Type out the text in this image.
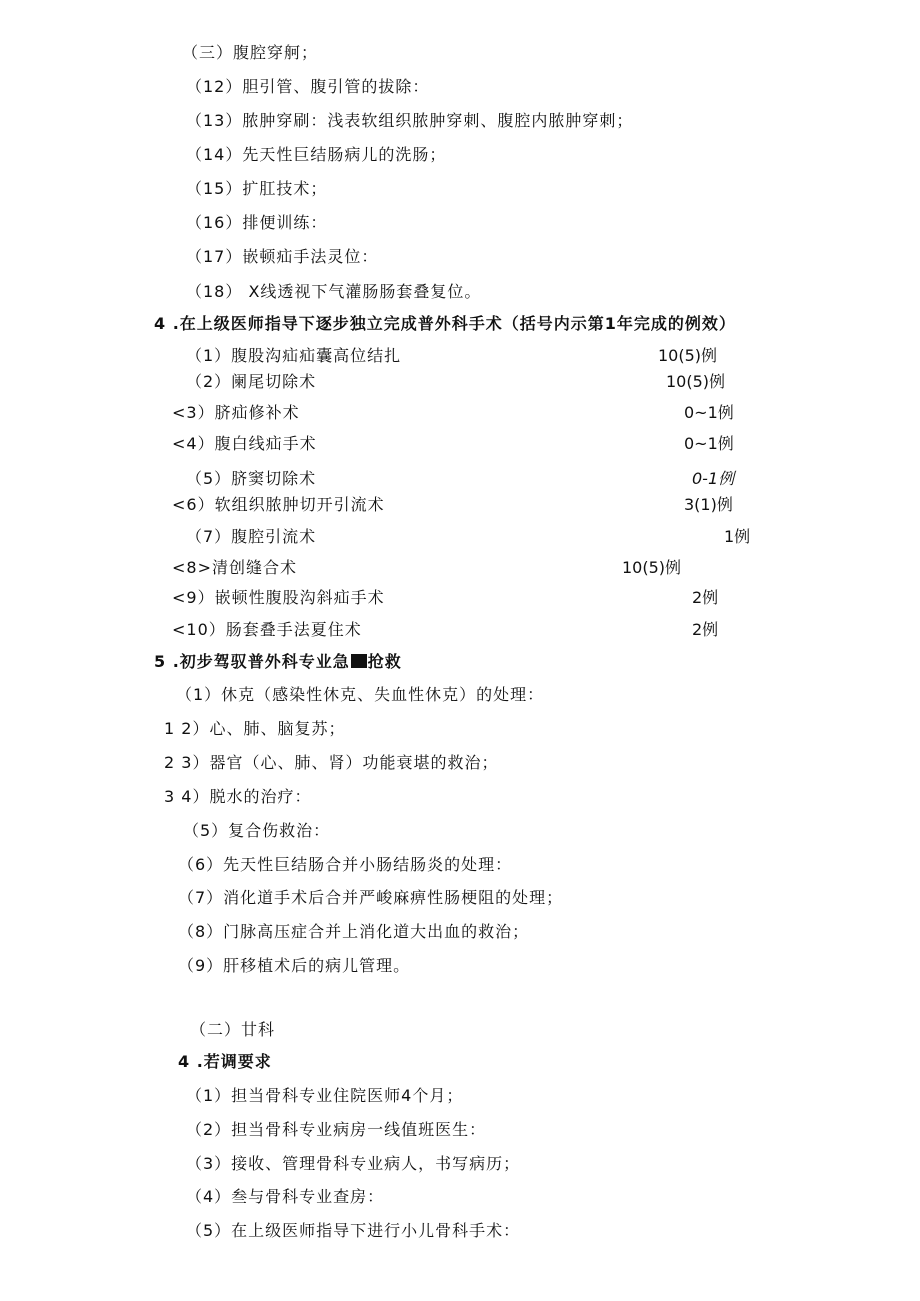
（三）腹腔穿舸；
（12）胆引管、腹引管的拔除：
（13）脓肿穿刷：浅表软组织脓肿穿刺、腹腔内脓肿穿刺；
（14）先天性巨结肠病儿的洗肠；
（15）扩肛技术；
（16）排便训练：
（17）嵌顿疝手法灵位：
（18） X线透视下气灌肠肠套叠复位。
4 .在上级医师指导下逐步独立完成普外科手术（括号内示第1年完成的例效）
（1）腹股沟疝疝囊高位结扎	10(5)例
（2）阑尾切除术	10(5)例
<3）脐疝修补术	0~1例
<4）腹白线疝手术	0~1例
（5）脐窦切除术	0-1例
<6）软组织脓肿切开引流术	3(1)例
（7）腹腔引流术	1例
<8>清创缝合术	10(5)例
<9）嵌顿性腹股沟斜疝手术	2例
<10）肠套叠手法夏住术	2例
5 .初步驾驭普外科专业急 抢救
（1）休克（感染性休克、失血性休克）的处理：
1 2）心、肺、脑复苏；
2 3）器官（心、肺、肾）功能衰堪的救治；
3 4）脱水的治疗：
（5）复合伤救治：
（6）先天性巨结肠合并小肠结肠炎的处理：
（7）消化道手术后合并严峻麻痹性肠梗阻的处理；
（8）门脉高压症合并上消化道大出血的救治；
（9）肝移植术后的病儿管理。
（二）廿科
4 .若调要求
（1）担当骨科专业住院医师4个月；
（2）担当骨科专业病房一线值班医生：
（3）接收、管理骨科专业病人，书写病历；
（4）叁与骨科专业查房：
（5）在上级医师指导下进行小儿骨科手术：
